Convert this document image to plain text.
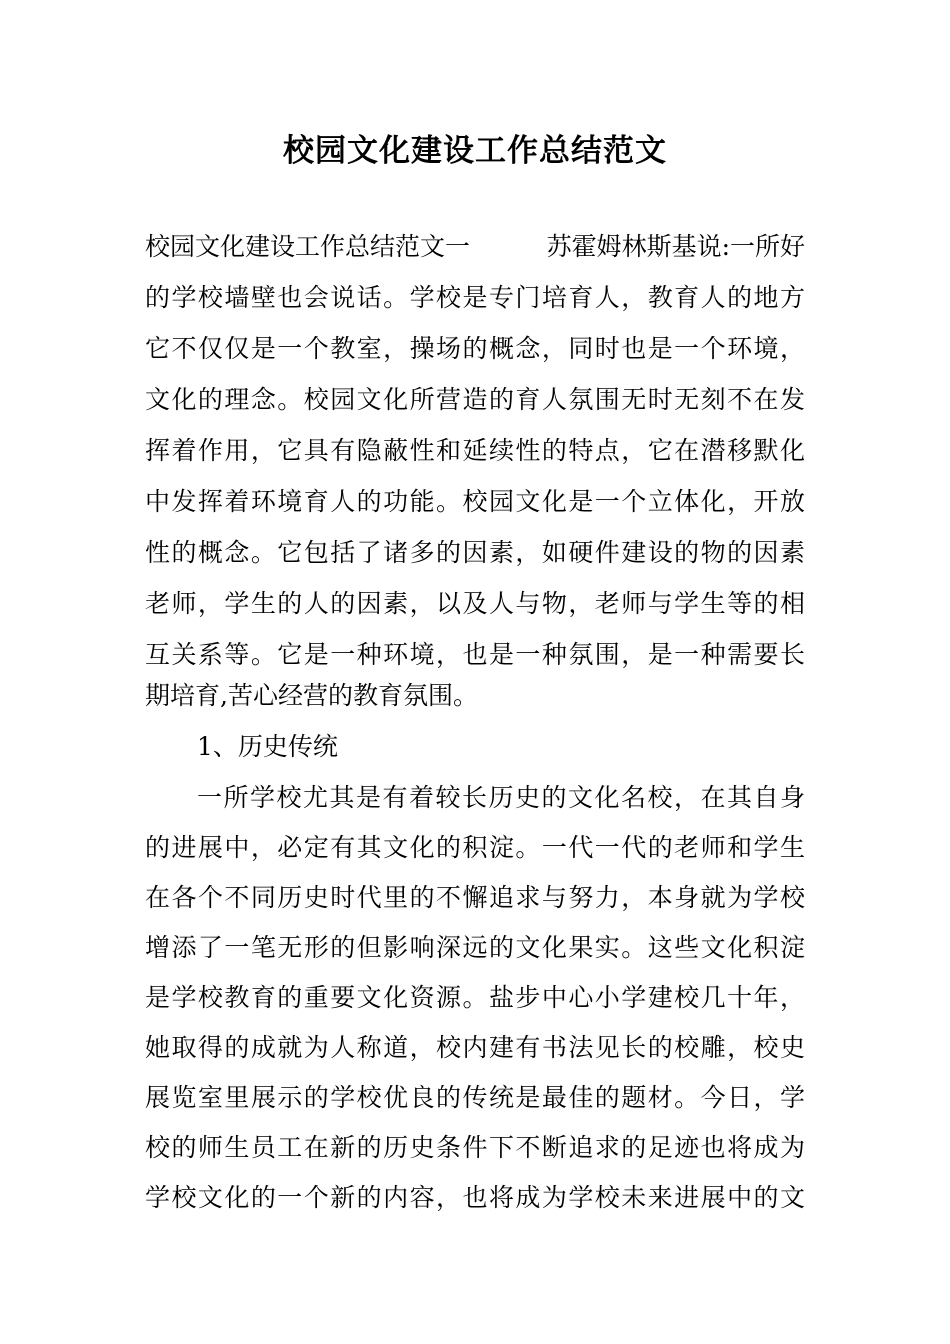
校园文化建设工作总结范文
校园文化建设工作总结范文一	苏霍姆林斯基说:一所好
的学校墙壁也会说话。学校是专门培育人，教育人的地方
它不仅仅是一个教室，操场的概念，同时也是一个环境，
文化的理念。校园文化所营造的育人氛围无时无刻不在发
挥着作用，它具有隐蔽性和延续性的特点，它在潜移默化
中发挥着环境育人的功能。校园文化是一个立体化，开放
性的概念。它包括了诸多的因素，如硬件建设的物的因素
老师，学生的人的因素，以及人与物，老师与学生等的相
互关系等。它是一种环境，也是一种氛围，是一种需要长
期培育,苦心经营的教育氛围。
1、历史传统
一所学校尤其是有着较长历史的文化名校，在其自身
的进展中，必定有其文化的积淀。一代一代的老师和学生
在各个不同历史时代里的不懈追求与努力，本身就为学校
增添了一笔无形的但影响深远的文化果实。这些文化积淀
是学校教育的重要文化资源。盐步中心小学建校几十年，
她取得的成就为人称道，校内建有书法见长的校雕，校史
展览室里展示的学校优良的传统是最佳的题材。今日，学
校的师生员工在新的历史条件下不断追求的足迹也将成为
学校文化的一个新的内容，也将成为学校未来进展中的文
